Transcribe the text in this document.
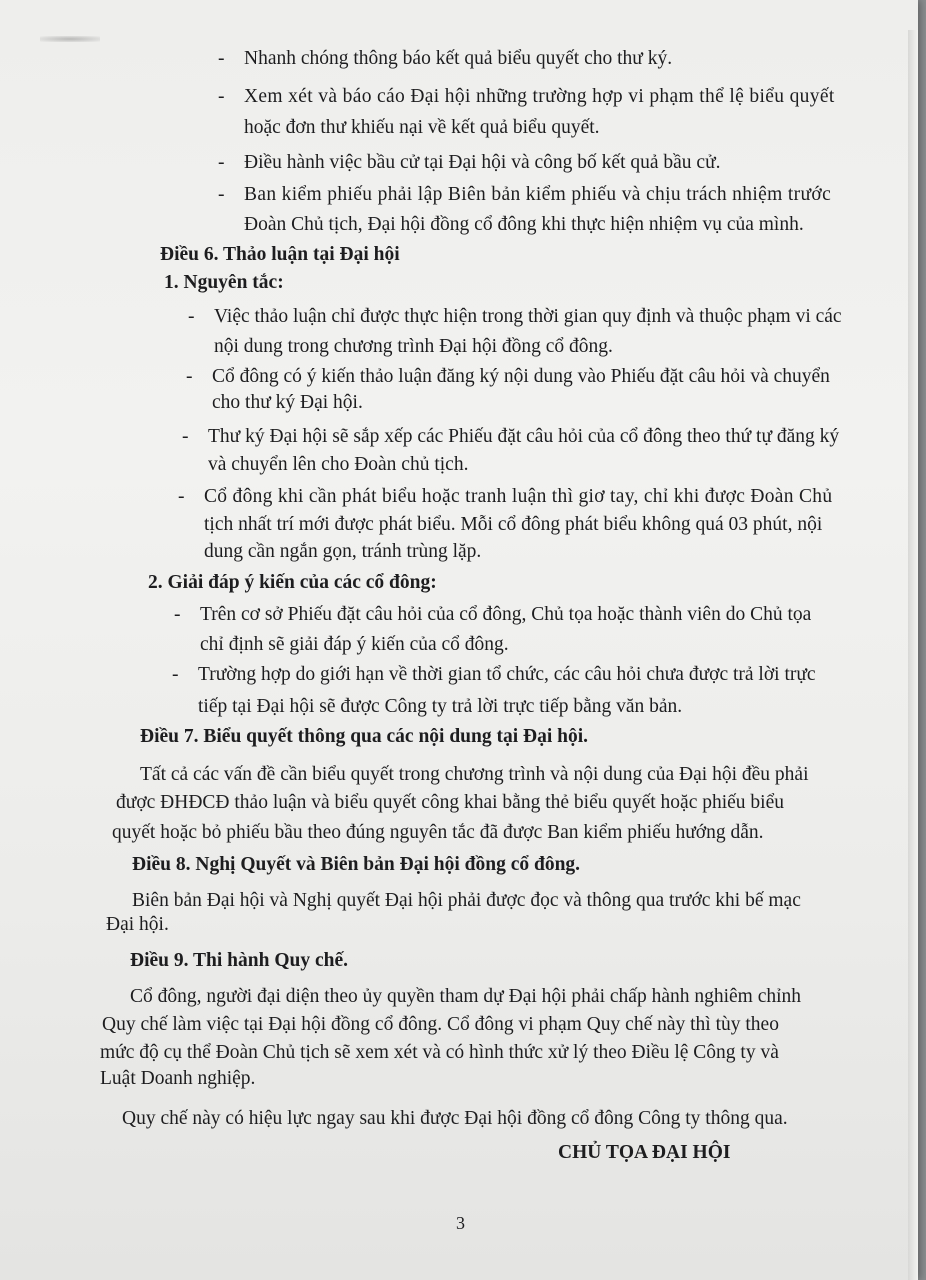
- Nhanh chóng thông báo kết quả biểu quyết cho thư ký.
- Xem xét và báo cáo Đại hội những trường hợp vi phạm thể lệ biểu quyết
hoặc đơn thư khiếu nại về kết quả biểu quyết.
- Điều hành việc bầu cử tại Đại hội và công bố kết quả bầu cử.
- Ban kiểm phiếu phải lập Biên bản kiểm phiếu và chịu trách nhiệm trước
Đoàn Chủ tịch, Đại hội đồng cổ đông khi thực hiện nhiệm vụ của mình.
Điều 6. Thảo luận tại Đại hội
1. Nguyên tắc:
- Việc thảo luận chỉ được thực hiện trong thời gian quy định và thuộc phạm vi các
nội dung trong chương trình Đại hội đồng cổ đông.
- Cổ đông có ý kiến thảo luận đăng ký nội dung vào Phiếu đặt câu hỏi và chuyển
cho thư ký Đại hội.
- Thư ký Đại hội sẽ sắp xếp các Phiếu đặt câu hỏi của cổ đông theo thứ tự đăng ký
và chuyển lên cho Đoàn chủ tịch.
- Cổ đông khi cần phát biểu hoặc tranh luận thì giơ tay, chỉ khi được Đoàn Chủ
tịch nhất trí mới được phát biểu. Mỗi cổ đông phát biểu không quá 03 phút, nội
dung cần ngắn gọn, tránh trùng lặp.
2. Giải đáp ý kiến của các cổ đông:
- Trên cơ sở Phiếu đặt câu hỏi của cổ đông, Chủ tọa hoặc thành viên do Chủ tọa
chỉ định sẽ giải đáp ý kiến của cổ đông.
- Trường hợp do giới hạn về thời gian tổ chức, các câu hỏi chưa được trả lời trực
tiếp tại Đại hội sẽ được Công ty trả lời trực tiếp bằng văn bản.
Điều 7. Biểu quyết thông qua các nội dung tại Đại hội.
Tất cả các vấn đề cần biểu quyết trong chương trình và nội dung của Đại hội đều phải
được ĐHĐCĐ thảo luận và biểu quyết công khai bằng thẻ biểu quyết hoặc phiếu biểu
quyết hoặc bỏ phiếu bầu theo đúng nguyên tắc đã được Ban kiểm phiếu hướng dẫn.
Điều 8. Nghị Quyết và Biên bản Đại hội đồng cổ đông.
Biên bản Đại hội và Nghị quyết Đại hội phải được đọc và thông qua trước khi bế mạc
Đại hội.
Điều 9. Thi hành Quy chế.
Cổ đông, người đại diện theo ủy quyền tham dự Đại hội phải chấp hành nghiêm chỉnh
Quy chế làm việc tại Đại hội đồng cổ đông. Cổ đông vi phạm Quy chế này thì tùy theo
mức độ cụ thể Đoàn Chủ tịch sẽ xem xét và có hình thức xử lý theo Điều lệ Công ty và
Luật Doanh nghiệp.
Quy chế này có hiệu lực ngay sau khi được Đại hội đồng cổ đông Công ty thông qua.
CHỦ TỌA ĐẠI HỘI
3
